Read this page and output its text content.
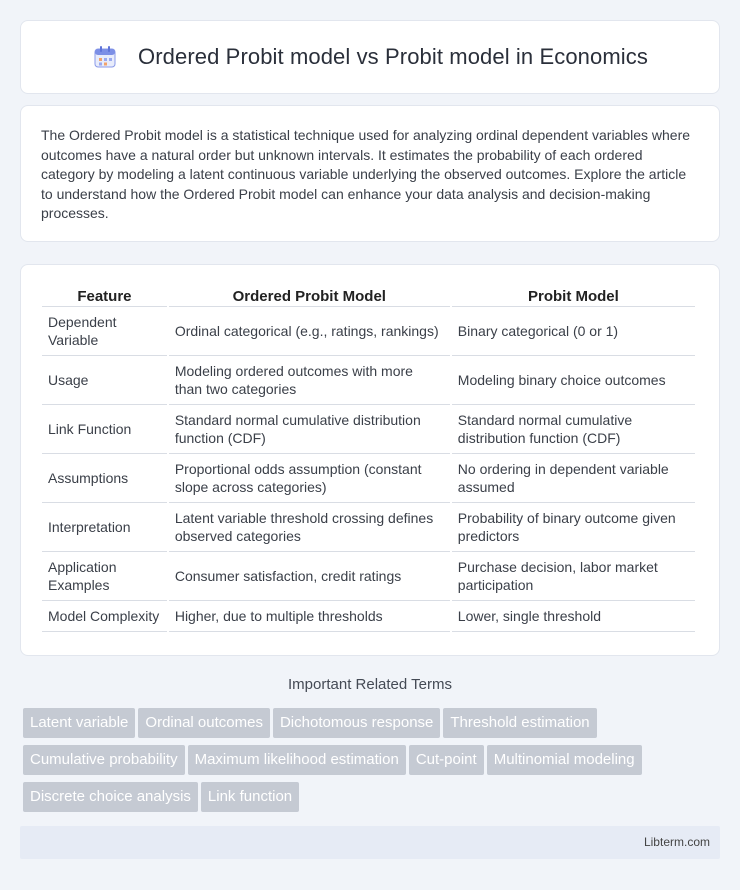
Ordered Probit model vs Probit model in Economics

The Ordered Probit model is a statistical technique used for analyzing ordinal dependent variables where outcomes have a natural order but unknown intervals. It estimates the probability of each ordered category by modeling a latent continuous variable underlying the observed outcomes. Explore the article to understand how the Ordered Probit model can enhance your data analysis and decision-making processes.

Feature	Ordered Probit Model	Probit Model
Dependent Variable	Ordinal categorical (e.g., ratings, rankings)	Binary categorical (0 or 1)
Usage	Modeling ordered outcomes with more than two categories	Modeling binary choice outcomes
Link Function	Standard normal cumulative distribution function (CDF)	Standard normal cumulative distribution function (CDF)
Assumptions	Proportional odds assumption (constant slope across categories)	No ordering in dependent variable assumed
Interpretation	Latent variable threshold crossing defines observed categories	Probability of binary outcome given predictors
Application Examples	Consumer satisfaction, credit ratings	Purchase decision, labor market participation
Model Complexity	Higher, due to multiple thresholds	Lower, single threshold
Important Related Terms
Latent variable Ordinal outcomes Dichotomous response Threshold estimation
Cumulative probability Maximum likelihood estimation Cut-point Multinomial modeling
Discrete choice analysis Link function
Libterm.com
